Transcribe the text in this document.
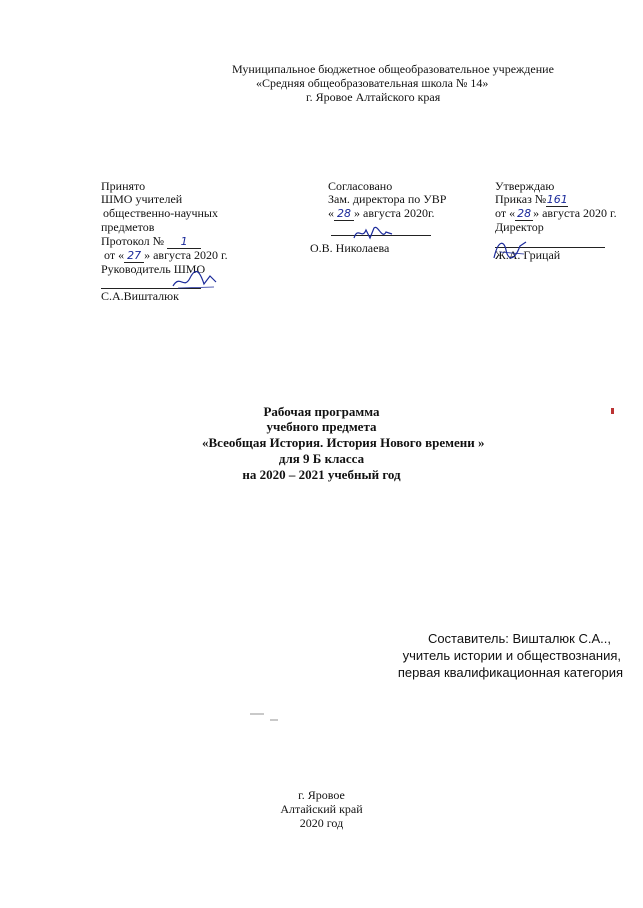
Муниципальное бюджетное общеобразовательное учреждение
«Средняя общеобразовательная школа № 14»
г. Яровое Алтайского края
Принято
ШМО учителей
общественно-научных
предметов
Протокол № 1
от « 27 » августа 2020 г.
Руководитель ШМО
С.А.Вишталюк
Согласовано
Зам. директора по УВР
« 28 » августа 2020г.
О.В. Николаева
Утверждаю
Приказ №161
от « 28 » августа 2020 г.
Директор
Ж.А. Грицай
Рабочая программа
учебного предмета
«Всеобщая История. История Нового времени »
для 9 Б класса
на 2020 – 2021 учебный год
Составитель: Вишталюк С.А..,
учитель истории и обществознания,
первая квалификационная категория
г. Яровое
Алтайский край
2020 год
